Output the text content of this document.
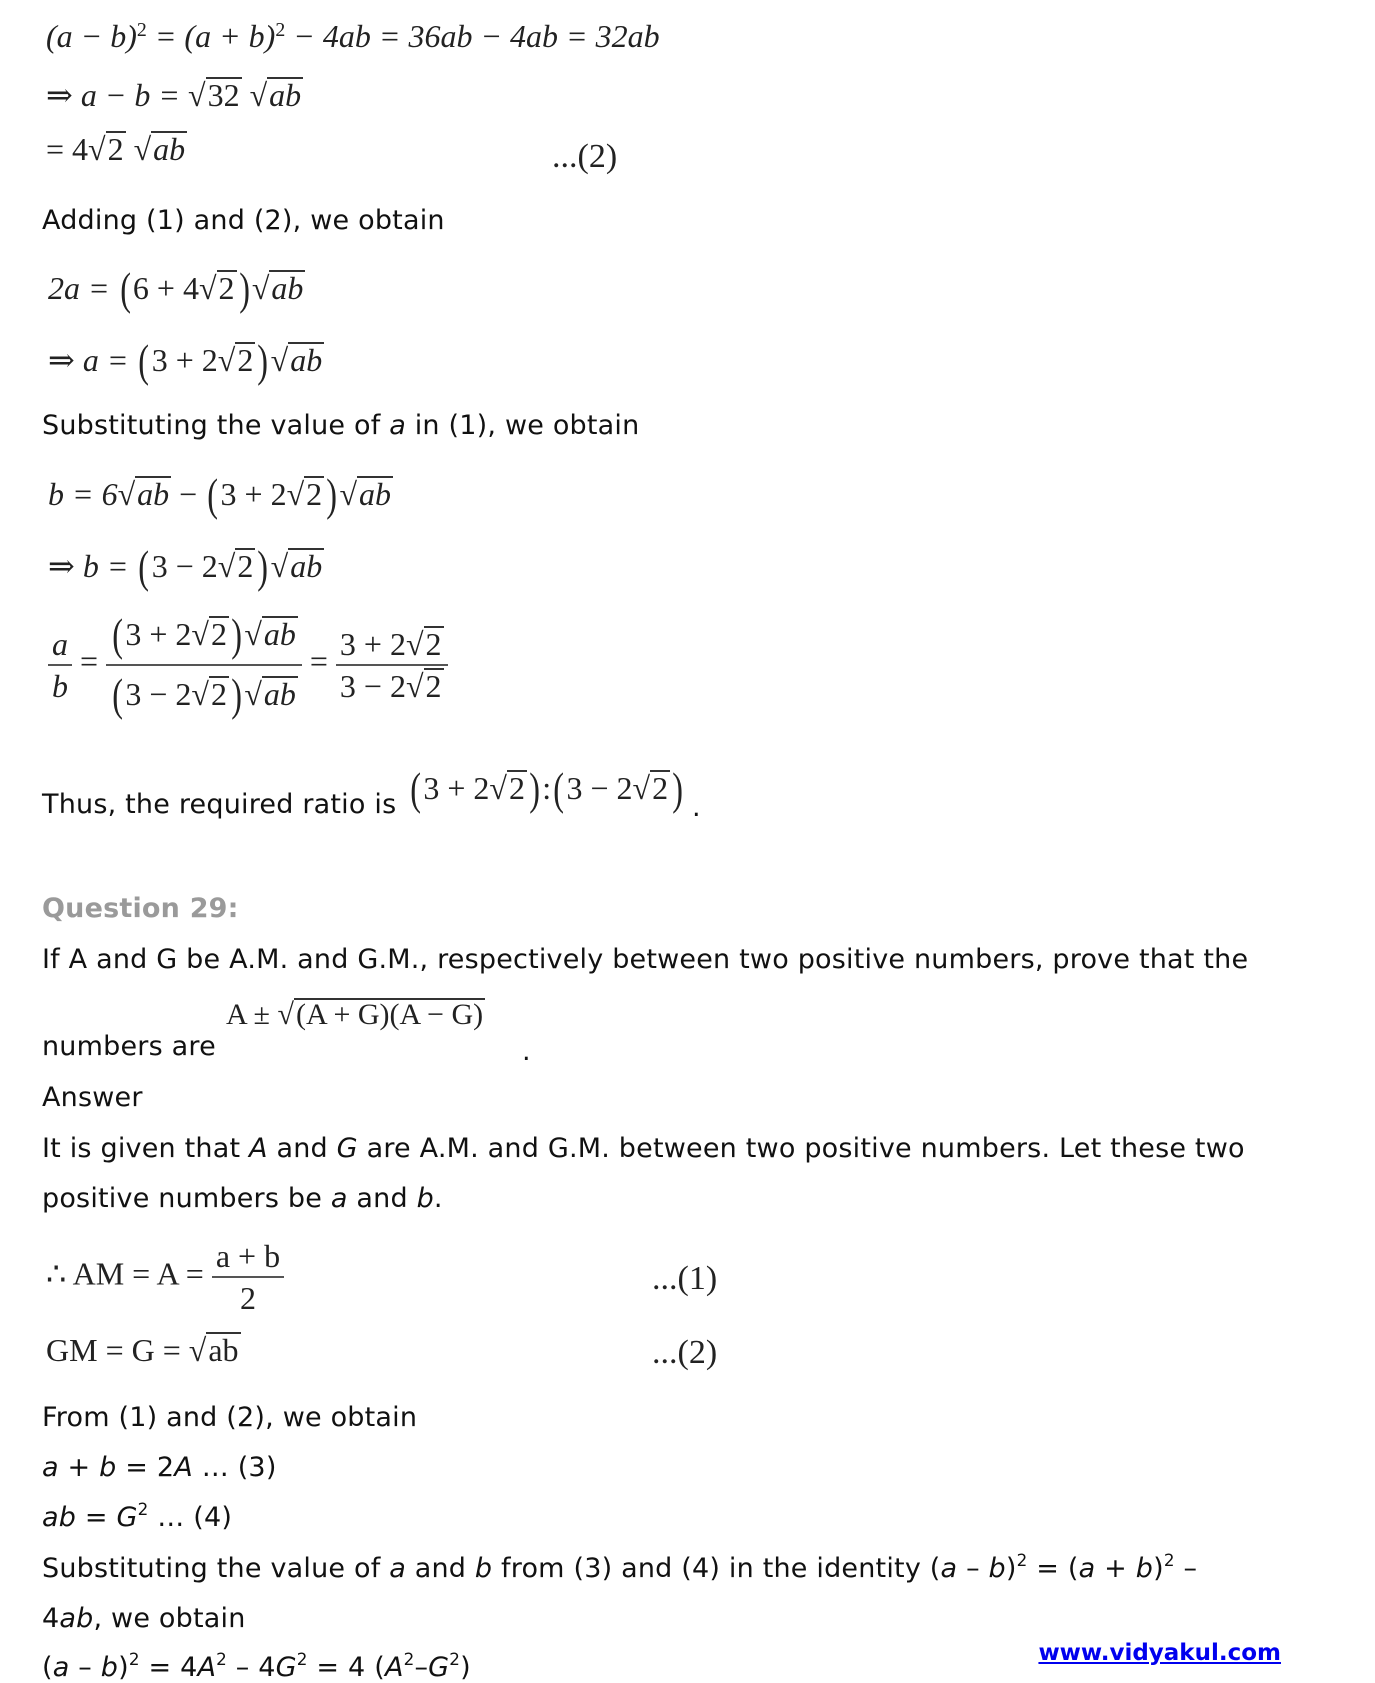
$(a - b)^2 = (a + b)^2 - 4ab = 36ab - 4ab = 32ab$
⇒ a − b = √32 √ab
= 4√2 √ab	...(2)
Adding (1) and (2), we obtain
2a = (6 + 4√2)√ab
⇒ a = (3 + 2√2)√ab
Substituting the value of a in (1), we obtain
b = 6√ab − (3 + 2√2)√ab
⇒ b = (3 − 2√2)√ab
$\frac{a}{b} = \frac{(3 + 2√2)√ab}{(3 - 2√2)√ab} = \frac{3 + 2√2}{3 - 2√2}$
Thus, the required ratio is (3 + 2√2):(3 − 2√2) .
Question 29:
If A and G be A.M. and G.M., respectively between two positive numbers, prove that the
numbers are
A ± √(A + G)(A − G)
.
Answer
It is given that A and G are A.M. and G.M. between two positive numbers. Let these two
positive numbers be a and b.
∴ AM = $A = \frac{a + b}{2}$	...(1)
GM = G = √ab	...(2)
From (1) and (2), we obtain
a + b = 2A … (3)
ab = $G^2$ … (4)
Substituting the value of a and b from (3) and (4) in the identity $(a - b)^2 = (a + b)^2$ –
4ab, we obtain
$(a - b)^2 = 4A^2 - 4G^2 = 4$ $(A^2-G^2)$	www.vidyakul.com
